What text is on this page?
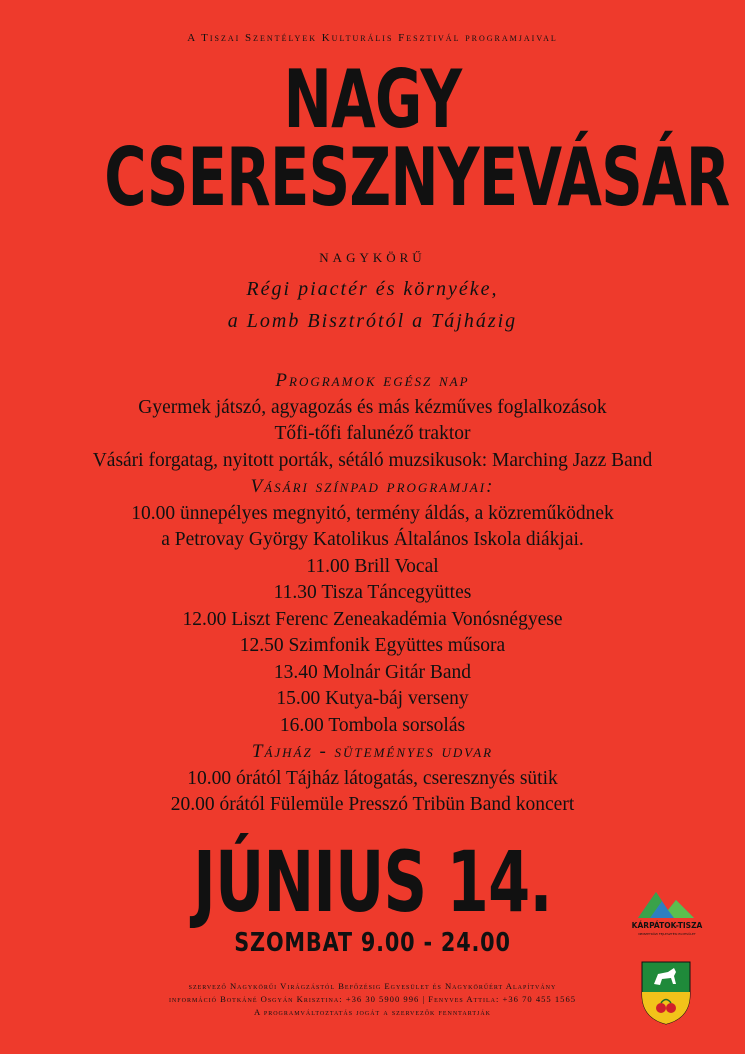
A Tiszai Szentélyek Kulturális Fesztivál programjaival
NAGY
CSERESZNYEVÁSÁR
NAGYKÖRŰ
Régi piactér és környéke,
a Lomb Bisztrótól a Tájházig
Programok egész nap
Gyermek játszó, agyagozás és más kézműves foglalkozások
Tőfi-tőfi falunéző traktor
Vásári forgatag, nyitott porták, sétáló muzsikusok: Marching Jazz Band
Vásári színpad programjai:
10.00 ünnepélyes megnyitó, termény áldás, a közreműködnek
a Petrovay György Katolikus Általános Iskola diákjai.
11.00 Brill Vocal
11.30 Tisza Táncegyüttes
12.00 Liszt Ferenc Zeneakadémia Vonósnégyese
12.50 Szimfonik Együttes műsora
13.40 Molnár Gitár Band
15.00 Kutya-báj verseny
16.00 Tombola sorsolás
Tájház - süteményes udvar
10.00 órától Tájház látogatás, cseresznyés sütik
20.00 órától Fülemüle Presszó Tribün Band koncert
JÚNIUS 14.
SZOMBAT 9.00 - 24.00
szervező Nagykörűi Virágzástól Befőzésig Egyesület és Nagykörűért Alapítvány
információ Botkáné Osgyán Krisztina: +36 30 5900 996 | Fenyves Attila: +36 70 455 1565
A programváltoztatás jogát a szervezők fenntartják
KÁRPÁTOK-TISZA
NEMZETKÖZI FEJLESZTÉSI EGYESÜLET
